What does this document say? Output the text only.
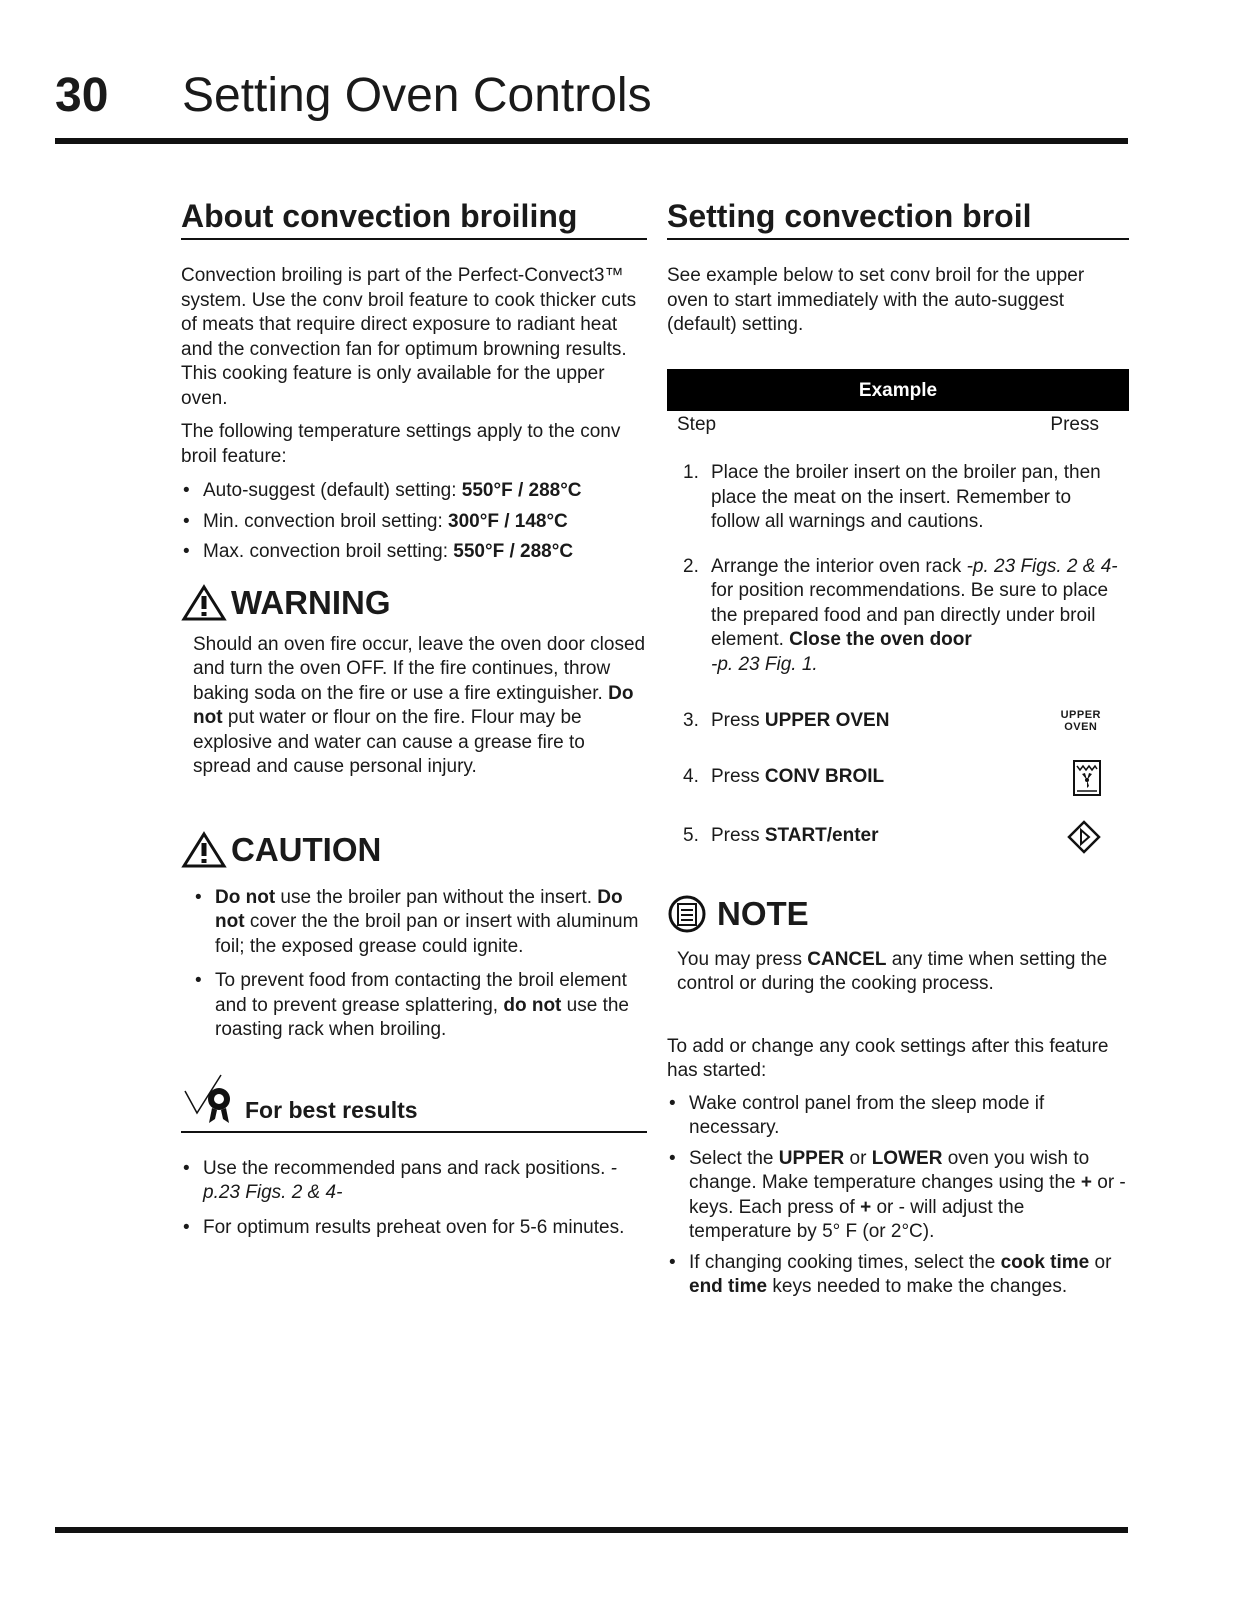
30 Setting Oven Controls
About convection broiling

Convection broiling is part of the Perfect-Convect3™ system. Use the conv broil feature to cook thicker cuts of meats that require direct exposure to radiant heat and the convection fan for optimum browning results. This cooking feature is only available for the upper oven.

The following temperature settings apply to the conv broil feature:

• Auto-suggest (default) setting: 550°F / 288°C
• Min. convection broil setting: 300°F / 148°C
• Max. convection broil setting: 550°F / 288°C
WARNING

Should an oven fire occur, leave the oven door closed and turn the oven OFF. If the fire continues, throw baking soda on the fire or use a fire extinguisher. Do not put water or flour on the fire. Flour may be explosive and water can cause a grease fire to spread and cause personal injury.

CAUTION
• Do not use the broiler pan without the insert. Do not cover the the broil pan or insert with aluminum foil; the exposed grease could ignite.
• To prevent food from contacting the broil element and to prevent grease splattering, do not use the roasting rack when broiling.
For best results
• Use the recommended pans and rack positions. -p.23 Figs. 2 & 4-
• For optimum results preheat oven for 5-6 minutes.
Setting convection broil

See example below to set conv broil for the upper oven to start immediately with the auto-suggest (default) setting.

Example
Step	Press
1. Place the broiler insert on the broiler pan, then place the meat on the insert. Remember to follow all warnings and cautions.
2. Arrange the interior oven rack -p. 23 Figs. 2 & 4- for position recommendations. Be sure to place the prepared food and pan directly under broil element. Close the oven door
-p. 23 Fig. 1.
3. Press UPPER OVEN	UPPER
OVEN
4. Press CONV BROIL
5. Press START/enter
NOTE

You may press CANCEL any time when setting the control or during the cooking process.

To add or change any cook settings after this feature has started:

• Wake control panel from the sleep mode if necessary.
• Select the UPPER or LOWER oven you wish to change. Make temperature changes using the + or - keys. Each press of + or - will adjust the temperature by 5° F (or 2°C).
• If changing cooking times, select the cook time or end time keys needed to make the changes.
